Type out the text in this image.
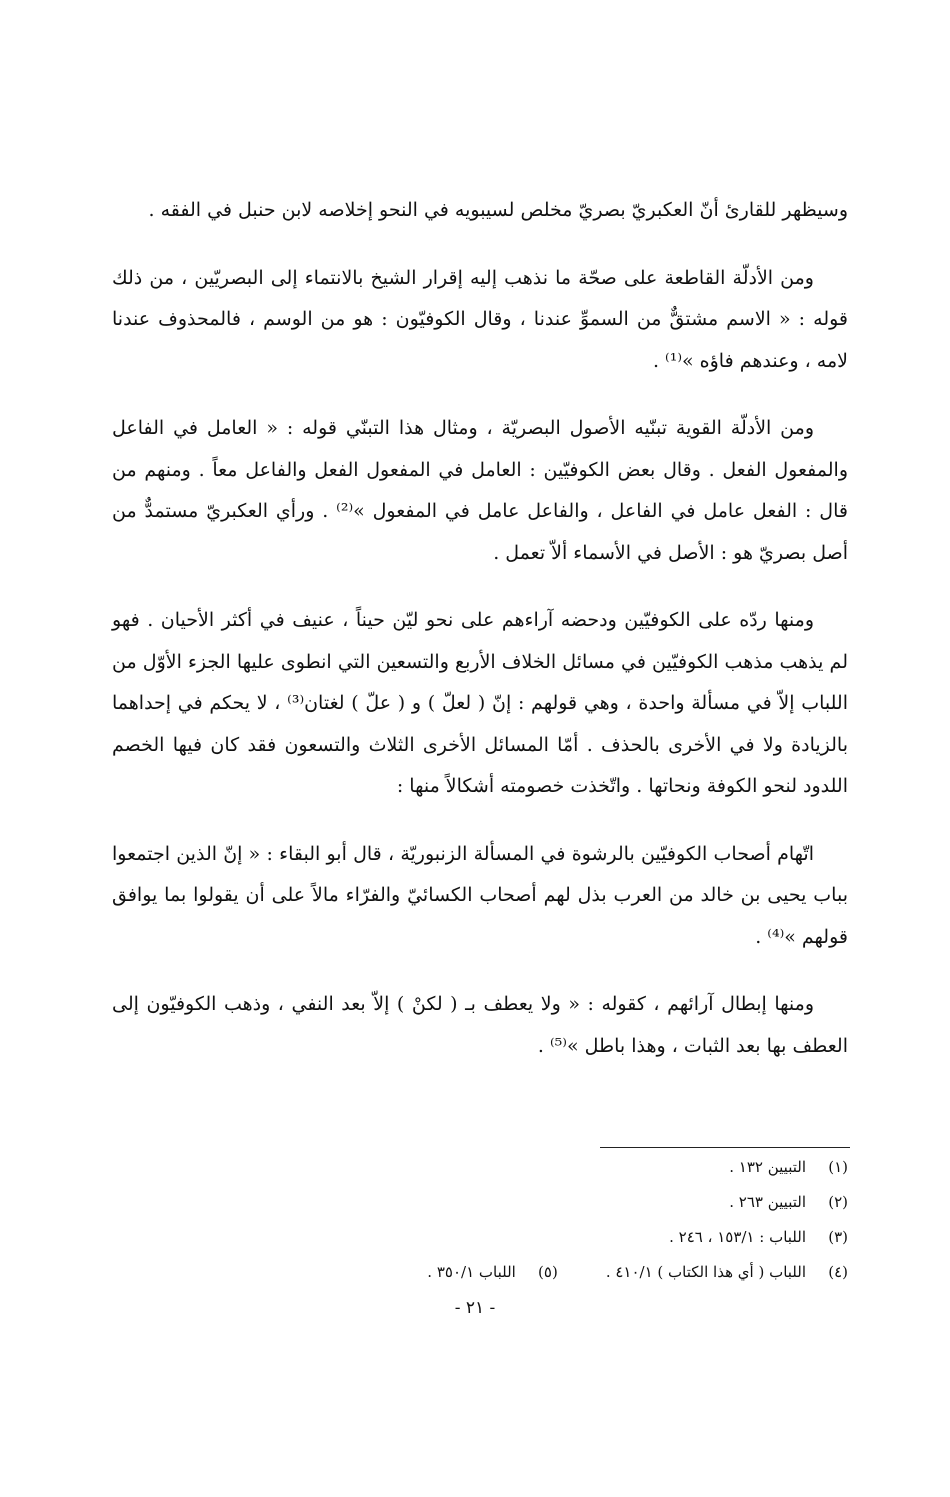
وسيظهر للقارئ أنّ العكبريّ بصريّ مخلص لسيبويه في النحو إخلاصه لابن حنبل في الفقه .

ومن الأدلّة القاطعة على صحّة ما نذهب إليه إقرار الشيخ بالانتماء إلى البصريّين ، من ذلك قوله : « الاسم مشتقٌّ من السموِّ عندنا ، وقال الكوفيّون : هو من الوسم ، فالمحذوف عندنا لامه ، وعندهم فاؤه »⁽¹⁾ .

ومن الأدلّة القوية تبنّيه الأصول البصريّة ، ومثال هذا التبنّي قوله : « العامل في الفاعل والمفعول الفعل . وقال بعض الكوفيّين : العامل في المفعول الفعل والفاعل معاً . ومنهم من قال : الفعل عامل في الفاعل ، والفاعل عامل في المفعول »⁽²⁾ . ورأي العكبريّ مستمدٌّ من أصل بصريّ هو : الأصل في الأسماء ألاّ تعمل .

ومنها ردّه على الكوفيّين ودحضه آراءهم على نحو ليّن حيناً ، عنيف في أكثر الأحيان . فهو لم يذهب مذهب الكوفيّين في مسائل الخلاف الأربع والتسعين التي انطوى عليها الجزء الأوّل من اللباب إلاّ في مسألة واحدة ، وهي قولهم : إنّ ( لعلّ ) و ( علّ ) لغتان⁽³⁾ ، لا يحكم في إحداهما بالزيادة ولا في الأخرى بالحذف . أمّا المسائل الأخرى الثلاث والتسعون فقد كان فيها الخصم اللدود لنحو الكوفة ونحاتها . واتّخذت خصومته أشكالاً منها :

اتّهام أصحاب الكوفيّين بالرشوة في المسألة الزنبوريّة ، قال أبو البقاء : « إنّ الذين اجتمعوا بباب يحيى بن خالد من العرب بذل لهم أصحاب الكسائيّ والفرّاء مالاً على أن يقولوا بما يوافق قولهم »⁽⁴⁾ .

ومنها إبطال آرائهم ، كقوله : « ولا يعطف بـ ( لكنْ ) إلاّ بعد النفي ، وذهب الكوفيّون إلى العطف بها بعد الثبات ، وهذا باطل »⁽⁵⁾ .

(١)
التبيين ١٣٢ .
(٢)
التبيين ٢٦٣ .
(٣)
اللباب : ١٥٣/١ ، ٢٤٦ .
(٤)
اللباب ( أي هذا الكتاب ) ٤١٠/١ .
(٥)
اللباب ٣٥٠/١ .
- ٢١ -
